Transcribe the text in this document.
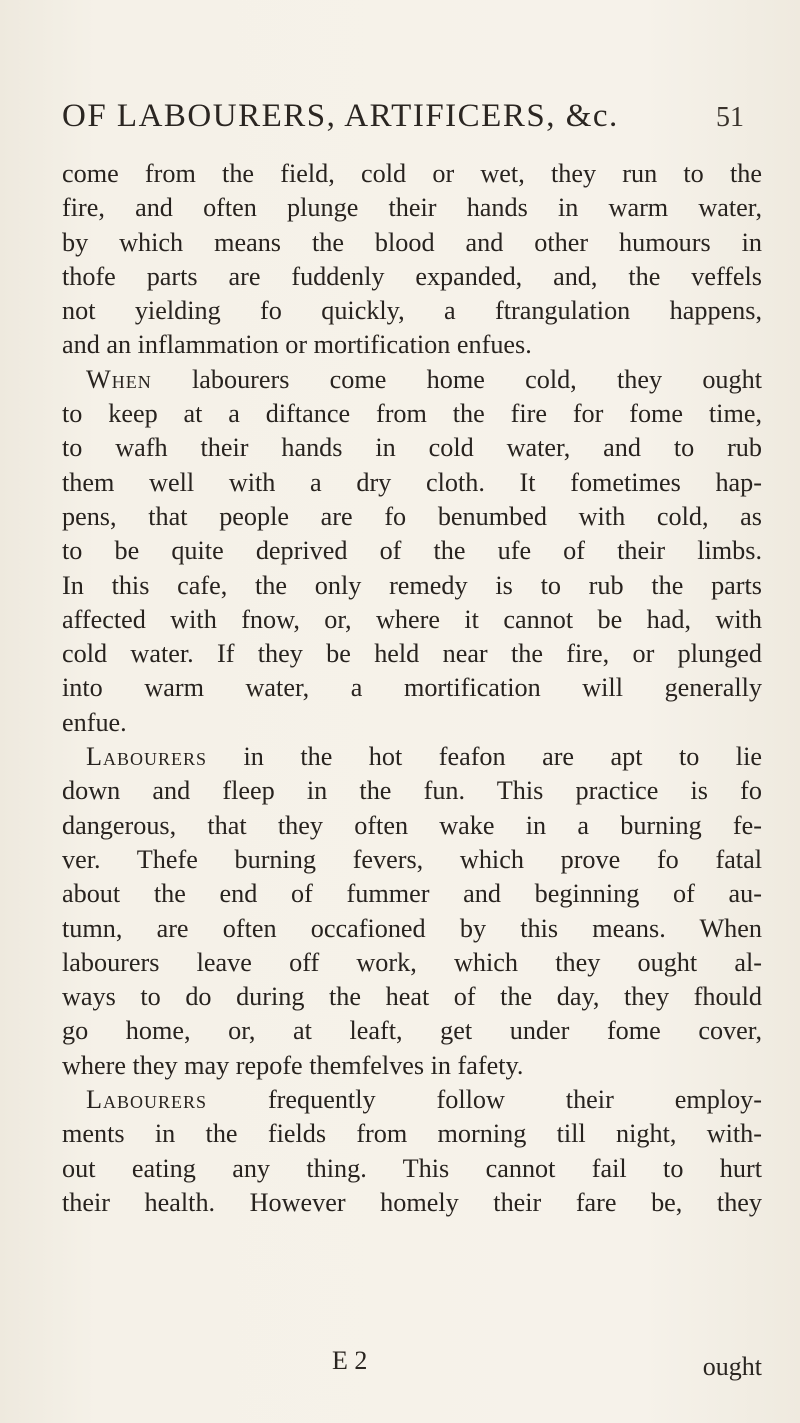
OF LABOURERS, ARTIFICERS, &c.	51
come from the field, cold or wet, they run to the
fire, and often plunge their hands in warm water,
by which means the blood and other humours in
thofe parts are fuddenly expanded, and, the veffels
not yielding fo quickly, a ftrangulation happens,
and an inflammation or mortification enfues.
When labourers come home cold, they ought
to keep at a diftance from the fire for fome time,
to wafh their hands in cold water, and to rub
them well with a dry cloth. It fometimes hap-
pens, that people are fo benumbed with cold, as
to be quite deprived of the ufe of their limbs.
In this cafe, the only remedy is to rub the parts
affected with fnow, or, where it cannot be had, with
cold water. If they be held near the fire, or plunged
into warm water, a mortification will generally
enfue.
Labourers in the hot feafon are apt to lie
down and fleep in the fun. This practice is fo
dangerous, that they often wake in a burning fe-
ver. Thefe burning fevers, which prove fo fatal
about the end of fummer and beginning of au-
tumn, are often occafioned by this means. When
labourers leave off work, which they ought al-
ways to do during the heat of the day, they fhould
go home, or, at leaft, get under fome cover,
where they may repofe themfelves in fafety.
Labourers frequently follow their employ-
ments in the fields from morning till night, with-
out eating any thing. This cannot fail to hurt
their health. However homely their fare be, they
E 2	ought
